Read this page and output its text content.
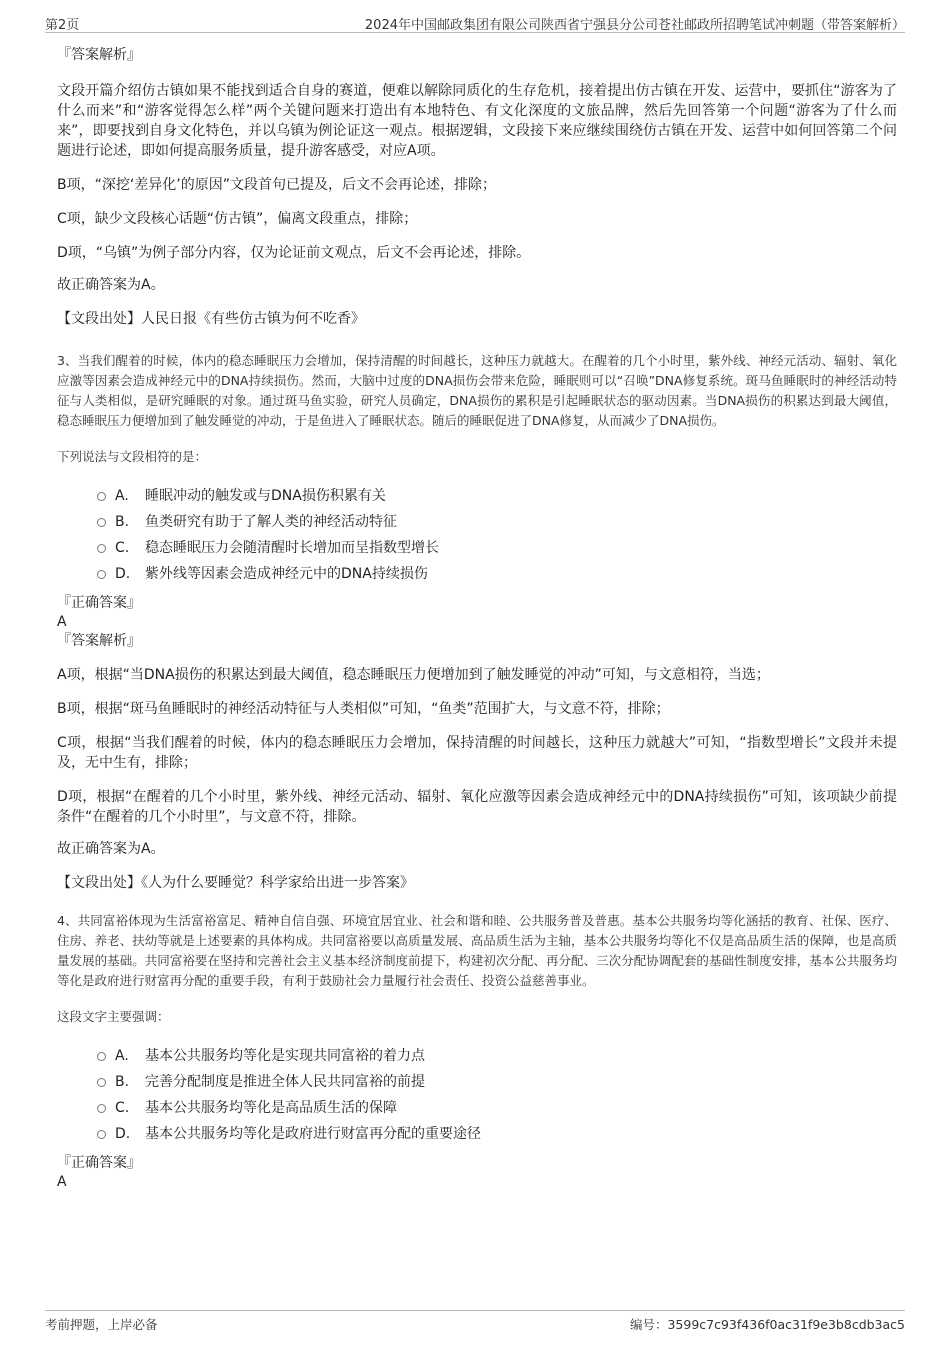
第2页	2024年中国邮政集团有限公司陕西省宁强县分公司苍社邮政所招聘笔试冲刺题（带答案解析）

『答案解析』

文段开篇介绍仿古镇如果不能找到适合自身的赛道，便难以解除同质化的生存危机，接着提出仿古镇在开发、运营中，要抓住“游客为了什么而来”和“游客觉得怎么样”两个关键问题来打造出有本地特色、有文化深度的文旅品牌，然后先回答第一个问题“游客为了什么而来”，即要找到自身文化特色，并以乌镇为例论证这一观点。根据逻辑，文段接下来应继续围绕仿古镇在开发、运营中如何回答第二个问题进行论述，即如何提高服务质量，提升游客感受，对应A项。

B项，“深挖‘差异化’的原因”文段首句已提及，后文不会再论述，排除；

C项，缺少文段核心话题“仿古镇”，偏离文段重点，排除；

D项，“乌镇”为例子部分内容，仅为论证前文观点，后文不会再论述，排除。

故正确答案为A。

【文段出处】人民日报《有些仿古镇为何不吃香》

3、当我们醒着的时候，体内的稳态睡眠压力会增加，保持清醒的时间越长，这种压力就越大。在醒着的几个小时里，紫外线、神经元活动、辐射、氧化应激等因素会造成神经元中的DNA持续损伤。然而，大脑中过度的DNA损伤会带来危险，睡眠则可以“召唤”DNA修复系统。斑马鱼睡眠时的神经活动特征与人类相似，是研究睡眠的对象。通过斑马鱼实验，研究人员确定，DNA损伤的累积是引起睡眠状态的驱动因素。当DNA损伤的积累达到最大阈值，稳态睡眠压力便增加到了触发睡觉的冲动，于是鱼进入了睡眠状态。随后的睡眠促进了DNA修复，从而减少了DNA损伤。

下列说法与文段相符的是：

A. 睡眠冲动的触发或与DNA损伤积累有关
B. 鱼类研究有助于了解人类的神经活动特征
C. 稳态睡眠压力会随清醒时长增加而呈指数型增长
D. 紫外线等因素会造成神经元中的DNA持续损伤

『正确答案』

A

『答案解析』

A项，根据“当DNA损伤的积累达到最大阈值，稳态睡眠压力便增加到了触发睡觉的冲动”可知，与文意相符，当选；

B项，根据“斑马鱼睡眠时的神经活动特征与人类相似”可知，“鱼类”范围扩大，与文意不符，排除；

C项，根据“当我们醒着的时候，体内的稳态睡眠压力会增加，保持清醒的时间越长，这种压力就越大”可知，“指数型增长”文段并未提及，无中生有，排除；

D项，根据“在醒着的几个小时里，紫外线、神经元活动、辐射、氧化应激等因素会造成神经元中的DNA持续损伤”可知，该项缺少前提条件“在醒着的几个小时里”，与文意不符，排除。

故正确答案为A。

【文段出处】《人为什么要睡觉？科学家给出进一步答案》

4、共同富裕体现为生活富裕富足、精神自信自强、环境宜居宜业、社会和谐和睦、公共服务普及普惠。基本公共服务均等化涵括的教育、社保、医疗、住房、养老、扶幼等就是上述要素的具体构成。共同富裕要以高质量发展、高品质生活为主轴，基本公共服务均等化不仅是高品质生活的保障，也是高质量发展的基础。共同富裕要在坚持和完善社会主义基本经济制度前提下，构建初次分配、再分配、三次分配协调配套的基础性制度安排，基本公共服务均等化是政府进行财富再分配的重要手段，有利于鼓励社会力量履行社会责任、投资公益慈善事业。

这段文字主要强调：

A. 基本公共服务均等化是实现共同富裕的着力点
B. 完善分配制度是推进全体人民共同富裕的前提
C. 基本公共服务均等化是高品质生活的保障
D. 基本公共服务均等化是政府进行财富再分配的重要途径

『正确答案』

A

考前押题，上岸必备	编号：3599c7c93f436f0ac31f9e3b8cdb3ac5
